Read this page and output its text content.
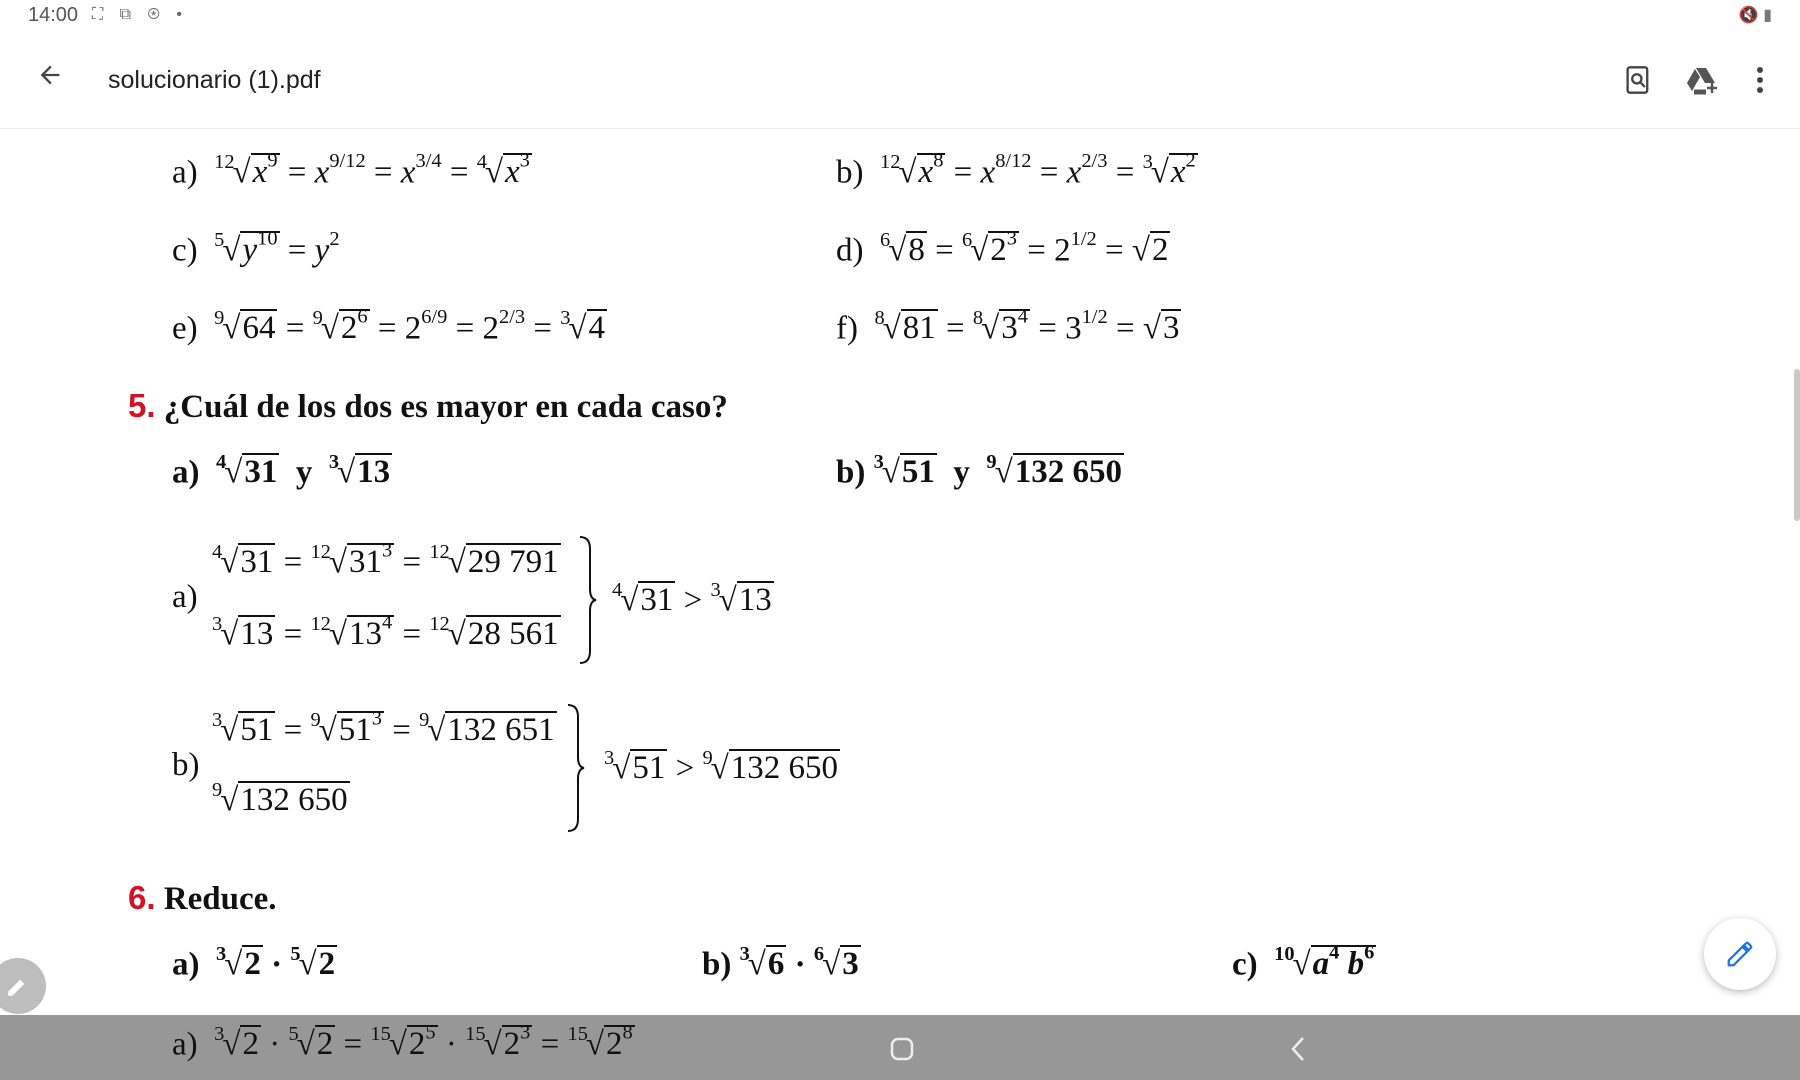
14:00 ⛶ ⧉ ⊛ •	🔇 ▮
solucionario (1).pdf
a) $^{12}√x^9 = x^{9/12} = x^{3/4} = ^4√x^3$	b) $^{12}√x^8 = x^{8/12} = x^{2/3} = ^3√x^2$
c) $^5√y^{10} = y^2$	d) $^6√8 = ^6√2^3 = 2^{1/2} = √2$
e) $^9√64 = ^9√2^6 = 2^{6/9} = 2^{2/3} = ^3√4$	f) $^8√81 = ^8√3^4 = 3^{1/2} = √3$
5. ¿Cuál de los dos es mayor en cada caso?
a) $^4$√31 y $^3$√13	b) $^3$√51 y $^9$√132 650
a)
$^4√31 = ^{12}√31^3 = ^{12}√29$ 791
$^3√13 = ^{12}√13^4 = ^{12}√28$ 561
$^4$√31 > $^3$√13
b)
$^3√51 = ^9√51^3 = ^9√132$ 651
$^9$√132 650
$^3$√51 > $^9$√132 650
6. Reduce.
a) $^3$√2 · $^5$√2	b) $^3$√6 · $^6$√3	c) $^{10}√a^4$ $b^6$
a) $^3√2 \cdot ^5√2 = ^{15}√2^5 \cdot ^{15}√2^3 = ^{15}√2^8$
